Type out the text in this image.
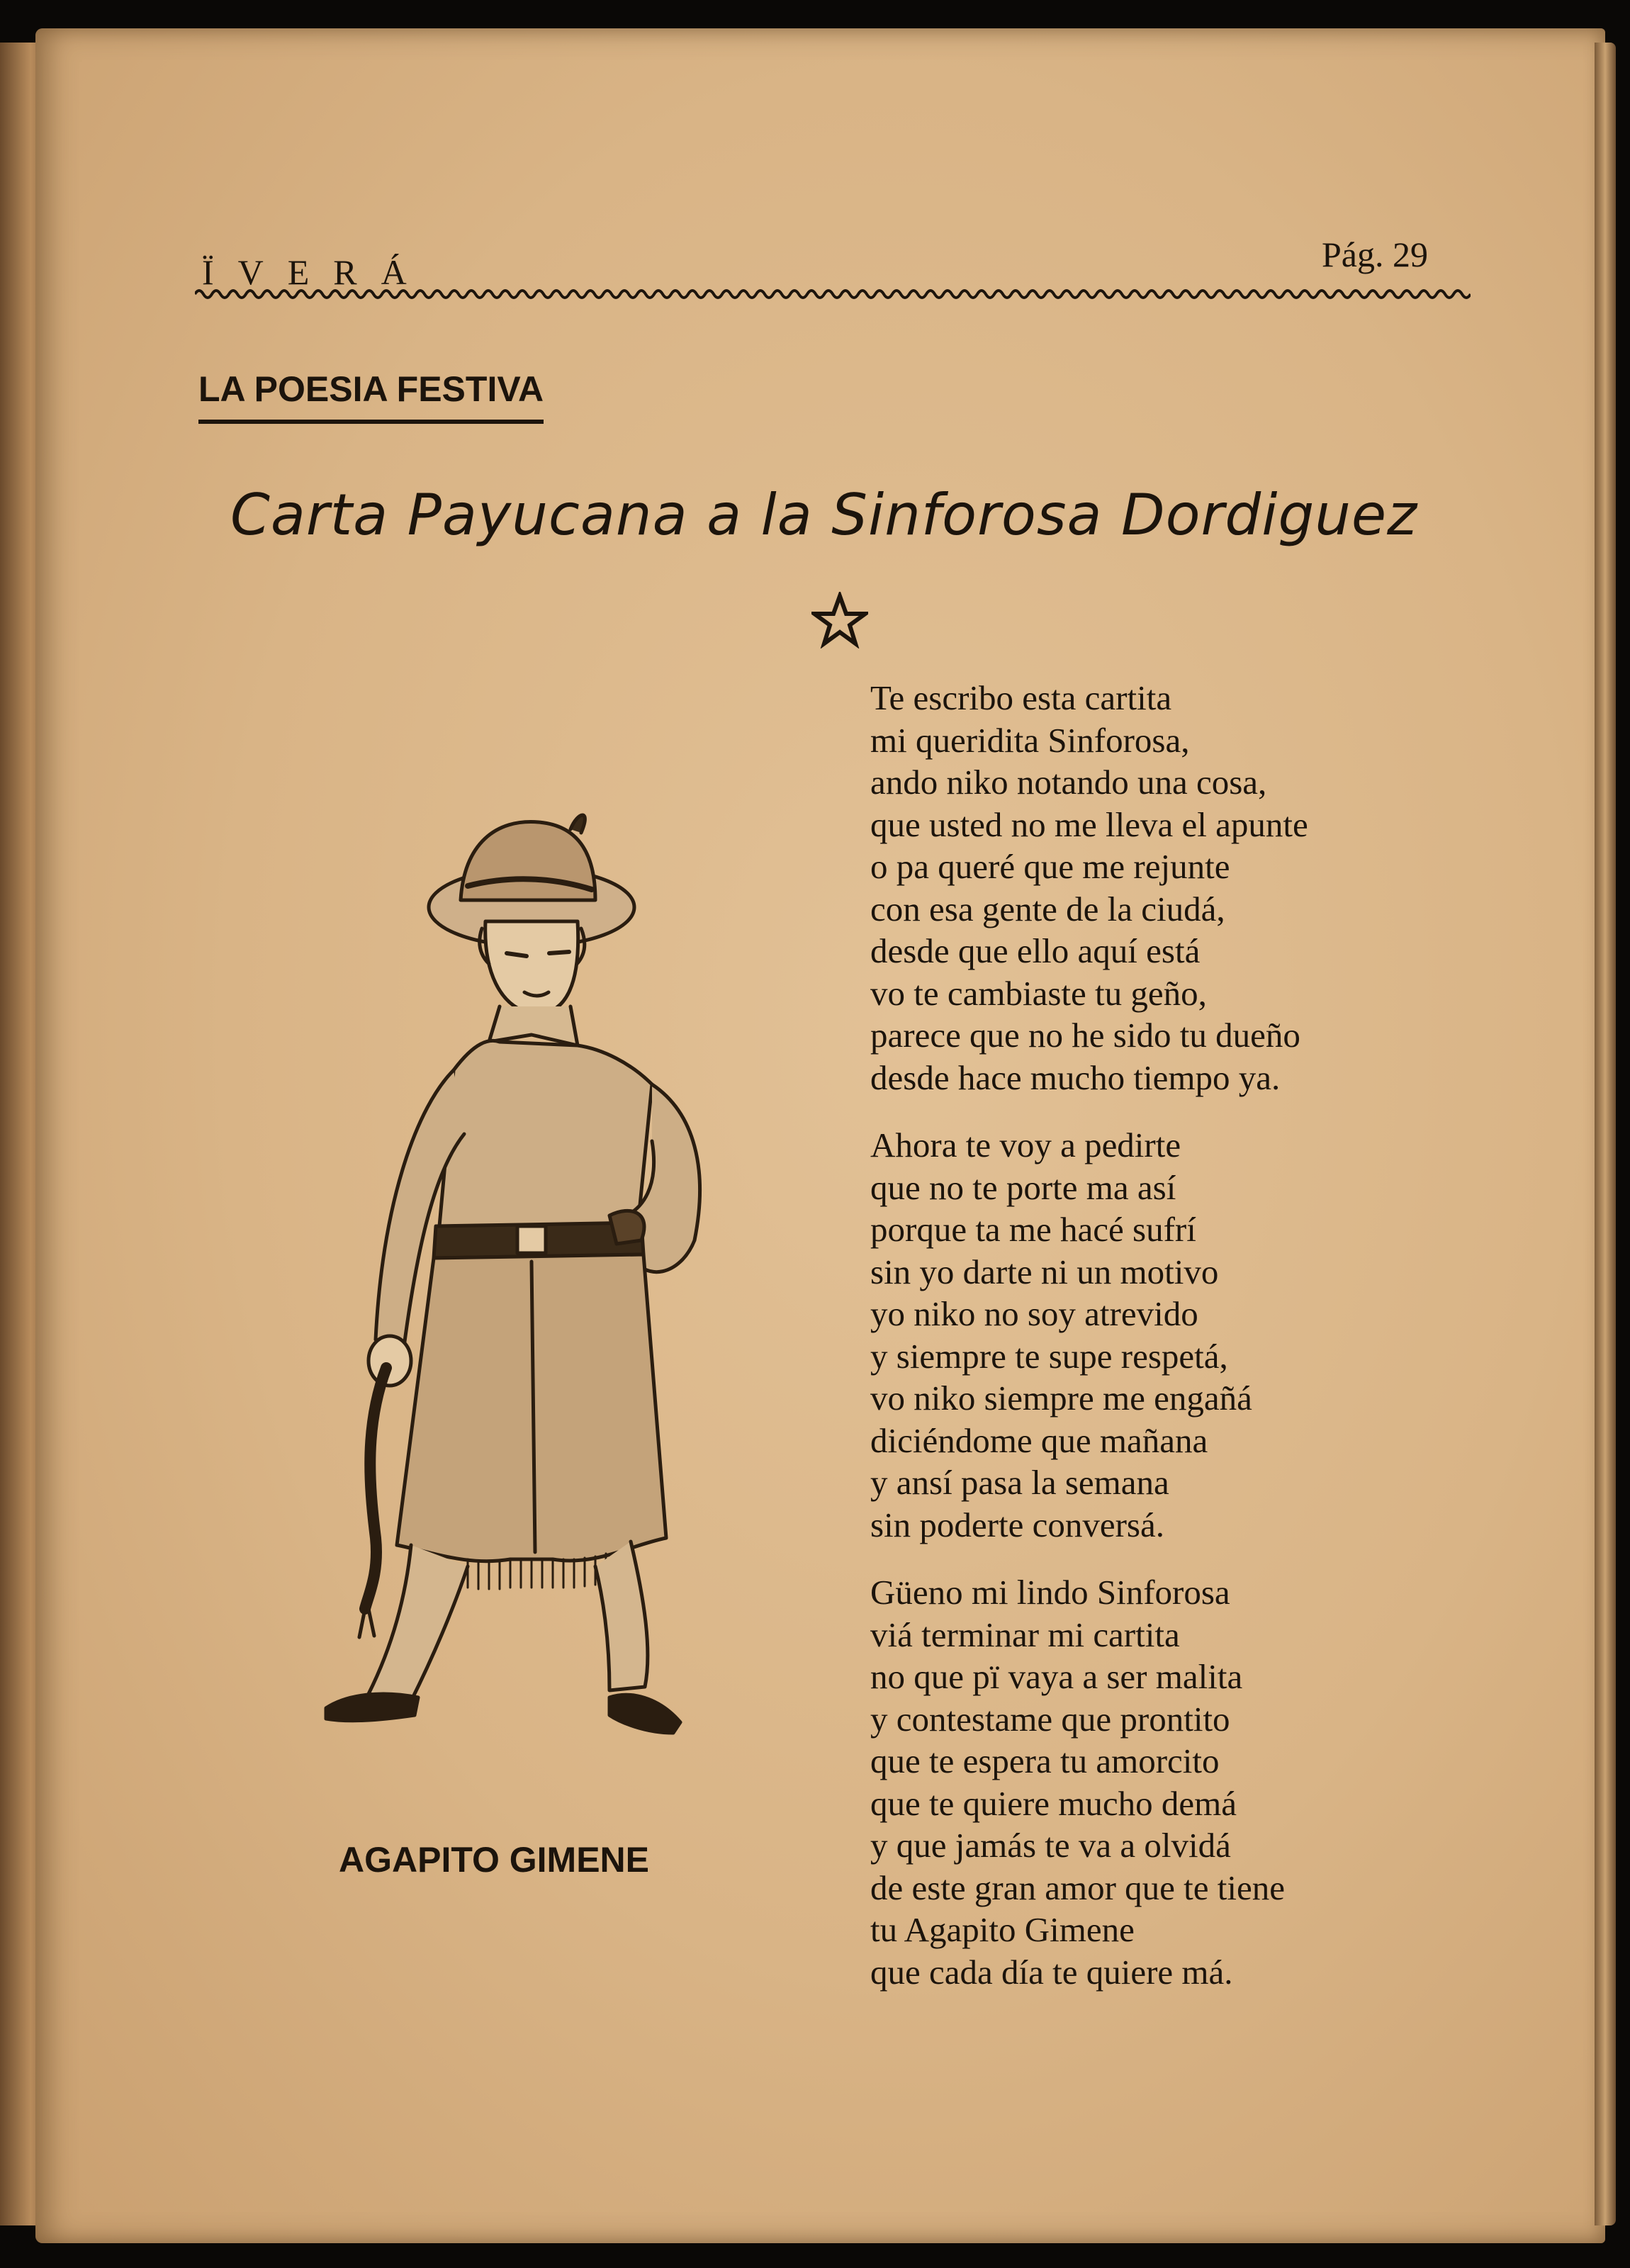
ÏVERÁ	Pág. 29
LA POESIA FESTIVA
Carta Payucana a la Sinforosa Dordiguez
AGAPITO GIMENE
Te escribo esta cartita
mi queridita Sinforosa,
ando niko notando una cosa,
que usted no me lleva el apunte
o pa queré que me rejunte
con esa gente de la ciudá,
desde que ello aquí está
vo te cambiaste tu geño,
parece que no he sido tu dueño
desde hace mucho tiempo ya.
Ahora te voy a pedirte
que no te porte ma así
porque ta me hacé sufrí
sin yo darte ni un motivo
yo niko no soy atrevido
y siempre te supe respetá,
vo niko siempre me engañá
diciéndome que mañana
y ansí pasa la semana
sin poderte conversá.
Güeno mi lindo Sinforosa
viá terminar mi cartita
no que pï vaya a ser malita
y contestame que prontito
que te espera tu amorcito
que te quiere mucho demá
y que jamás te va a olvidá
de este gran amor que te tiene
tu Agapito Gimene
que cada día te quiere má.
